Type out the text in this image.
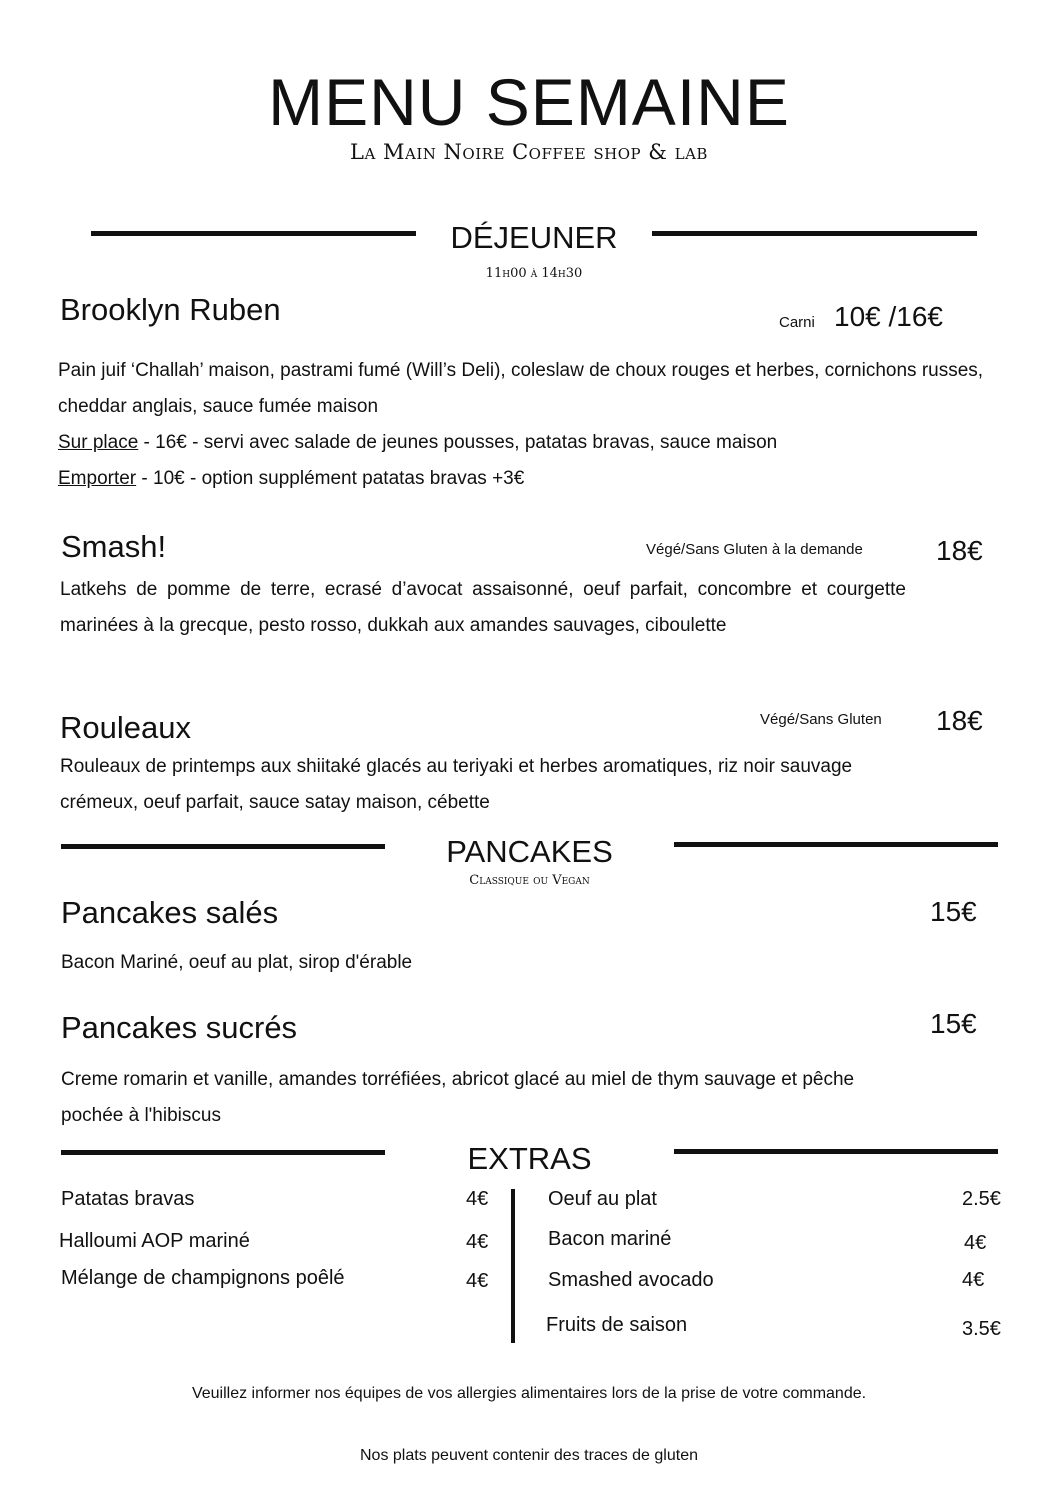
MENU SEMAINE
La Main Noire Coffee shop & lab
DÉJEUNER
11h00 à 14h30
Brooklyn Ruben	Carni 10€ /16€
Pain juif ‘Challah’ maison, pastrami fumé (Will’s Deli), coleslaw de choux rouges et herbes, cornichons russes, cheddar anglais, sauce fumée maison
Sur place - 16€ - servi avec salade de jeunes pousses, patatas bravas, sauce maison
Emporter - 10€ - option supplément patatas bravas +3€
Smash!	Végé/Sans Gluten à la demande	18€
Latkehs de pomme de terre, ecrasé d’avocat assaisonné, oeuf parfait, concombre et courgette marinées à la grecque, pesto rosso, dukkah aux amandes sauvages, ciboulette
Rouleaux	Végé/Sans Gluten 18€
Rouleaux de printemps aux shiitaké glacés au teriyaki et herbes aromatiques, riz noir sauvage crémeux, oeuf parfait, sauce satay maison, cébette
PANCAKES
Classique ou Vegan
Pancakes salés	15€
Bacon Mariné, oeuf au plat, sirop d'érable
Pancakes sucrés	15€
Creme romarin et vanille, amandes torréfiées, abricot glacé au miel de thym sauvage et pêche pochée à l'hibiscus
EXTRAS
Patatas bravas	4€
Halloumi AOP mariné	4€
Mélange de champignons poêlé	4€
Oeuf au plat	2.5€
Bacon mariné	4€
Smashed avocado	4€
Fruits de saison	3.5€
Veuillez informer nos équipes de vos allergies alimentaires lors de la prise de votre commande.
Nos plats peuvent contenir des traces de gluten
